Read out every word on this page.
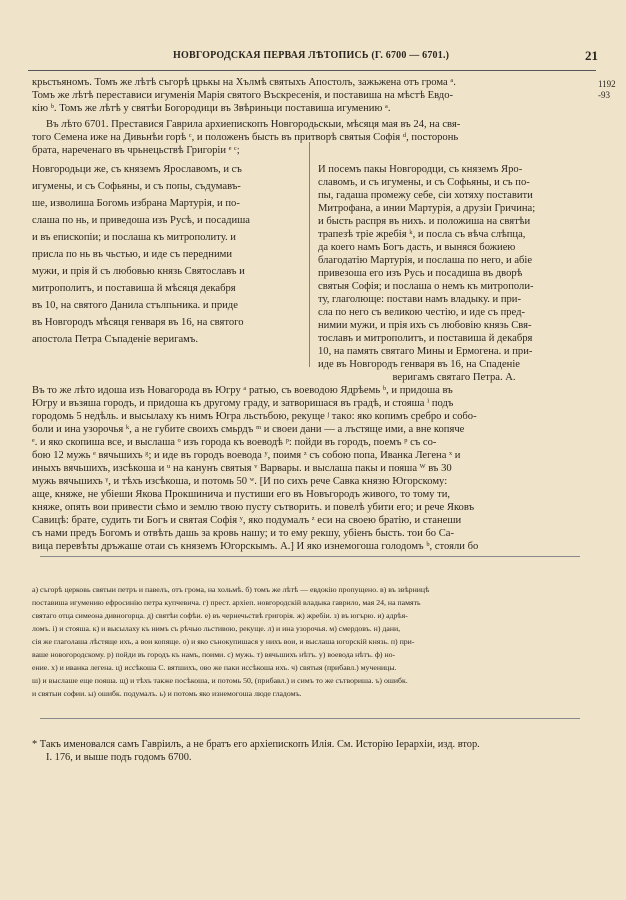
НОВГОРОДСКАЯ ПЕРВАЯ ЛѢТОПИСЬ (Г. 6700 — 6701.)	21
1192
-93
крьстьяномъ. Томъ же лѣтѣ съгорѣ црькы на Хълмѣ святыхъ Апостолъ, зажьжена отъ грома ᵃ.
Томъ же лѣтѣ перестависи игуменія Марія святого Въскресенія, и поставиша на мѣстѣ Евдо-
кію ᵇ. Томъ же лѣтѣ у святѣи Богородици въ Звѣриньци поставиша игумению ᵃ.
Въ лѣто 6701. Преставися Гаврила архиепископъ Новгородьскыи, мѣсяця мая въ 24, на свя-
того Семена иже на Дивьнѣи горѣ ᶜ, и положенъ бысть въ притворѣ святыя Софія ᵈ, посторонь
брата, нареченаго въ чрьнецьствѣ Григоріи ᵉ ᶜ;
Новгородьци же, съ княземъ Ярославомъ, и съ
игумены, и съ Софьяны, и съ попы, съдумавъ-
ше, изволиша Богомь избрана Мартурія, и по-
слаша по нь, и приведоша изъ Русѣ, и посадиша
и въ епископіи; и послаша къ митрополиту. и
присла по нь въ чьстью, и иде съ передними
мужи, и прія й съ любовью князь Святославъ и
митрополитъ, и поставиша й мѣсяця декабря
въ 10, на святого Данила стълпьника. и приде
въ Новгородъ мѣсяця генваря въ 16, на святого
апостола Петра Съпаденіе веригамъ.
И посемъ пакы Новгородци, съ княземъ Яро-
славомъ, и съ игумены, и съ Софьяны, и съ по-
пы, гадаша промежу себе, сіи хотяху поставити
Митрофана, а инии Мартурія, а друзіи Гричина;
и бысть распря въ нихъ. и положиша на святѣи
трапезѣ тріе жребія ᵏ, и посла съ вѣча слѣпца,
да коего намъ Богъ дасть, и выняся божиею
благодатію Мартурія, и послаша по него, и абіе
привезоша его изъ Русь и посадиша въ дворѣ
святыя Софія; и послаша о немъ къ митрополи-
ту, глаголюще: постави намъ владыку. и при-
сла по него съ великою честію, и иде съ пред-
нимии мужи, и прія ихъ съ любовію князь Свя-
тославъ и митрополитъ, и поставиша й декабря
10, на память святаго Мины и Ермогена. и при-
иде въ Новгородъ генваря въ 16, на Спаденіе
веригамъ святаго Петра. А.
Въ то же лѣто идоша изъ Новагорода въ Югру ᵃ ратью, съ воеводою Ядрѣемь ᵇ, и придоша въ
Югру и възяша городъ, и придоша къ другому граду, и затворишася въ градѣ, и стояша ⁱ подъ
городомь 5 недѣль. и высылаху къ нимъ Югра льстьбою, рекуще ʲ такo: яко копимъ сребро и собо-
боли и ина узорочья ᵏ, а не губите своихъ смьрдъ ᵐ и своеи дани — а лъстяще ими, а вне копяче
ᵉ. и яко скопиша все, и выслаша ᵒ изъ города къ воеводѣ ᵖ: пойди въ городъ, поемъ ᵖ съ со-
бою 12 мужь ᵉ вячьшихъ ᵍ; и иде въ городъ воевода ʸ, поимя ᶻ съ собою попа, Иванка Легена ˣ и
иныхъ вячьшихъ, изсѣкоша и ᵘ на канунъ святыя ᵛ Варвары. и выслаша пакы и пояша ᵂ въ 30
мужь вячьшихъ ᵞ, и тѣхъ изсѣкоша, и потомь 50 ʷ. [И по сихъ рече Савка князю Югорскому:
аще, княже, не убіеши Якова Прокшинича и пустиши его въ Новъгородъ живого, то тому ти,
княже, опять вои привести сѣмо и землю твою пусту сътворить. и повелѣ убити его; и рече Яковъ
Савицѣ: брате, судить ти Богъ и святая Софія ʸ, яко подумалъ ᶻ еси на своею братію, и станеши
съ нами предъ Богомъ и отвѣть дашь за кровь нашу; и то ему рекшу, убіенъ бысть. тои бо Са-
вица перевѣты дръжаше отаи съ княземъ Югорскымъ. А.] И яко изнемогоша голодомъ ᵇ, стояли бо
а) съгорѣ церковь святыи петръ и павелъ, отъ грома, на хольмѣ. б) томъ же лѣтѣ — евдокію пропущено. в) въ звѣрницѣ
поставиша игумению ефросинію петра купчевича. г) прест. архіеп. новгородскій владыка гаврило, мая 24, на память
святаго отца симеона дивногорца. д) святѣи софѣи. е) въ чернечьствѣ григорія. ж) жребіи. з) въ югърю. и) адрѣя-
ломъ. і) и стояша. к) и высылаху къ нимъ съ рѣчью льстивою, рекуще. л) и ина узорочья. м) смердовъ. н) дани,
сія же глаголаша лѣстяще ихъ, а вои копяще. о) и яко сънокупишася у нихъ вои, и выслаша югорскій князь. п) при-
ваше новогородскому. р) пойди въ городъ къ намъ, поими. с) мужь. т) вячьшихъ нѣтъ. у) воевода нѣтъ. ф) но-
ение. х) и иванка легена. ц) иссѣкоша С. вятшихъ, ово же паки иссѣкоша ихъ. ч) святыя (прибавл.) мученицы.
ш) и выслаше еще пояша. щ) и тѣхъ также посѣкоша, и потомь 50, (прибавл.) и симъ то же сътвориша. ъ) ошибк.
и святыи софии. ы) ошибк. подумалъ. ь) и потомь яко изнемогоша люде гладомъ.
* Такъ именовался самъ Гавріилъ, а не братъ его архіепископъ Илія. См. Исторію Іерархіи, изд. втор.
I. 176, и выше подъ годомъ 6700.
